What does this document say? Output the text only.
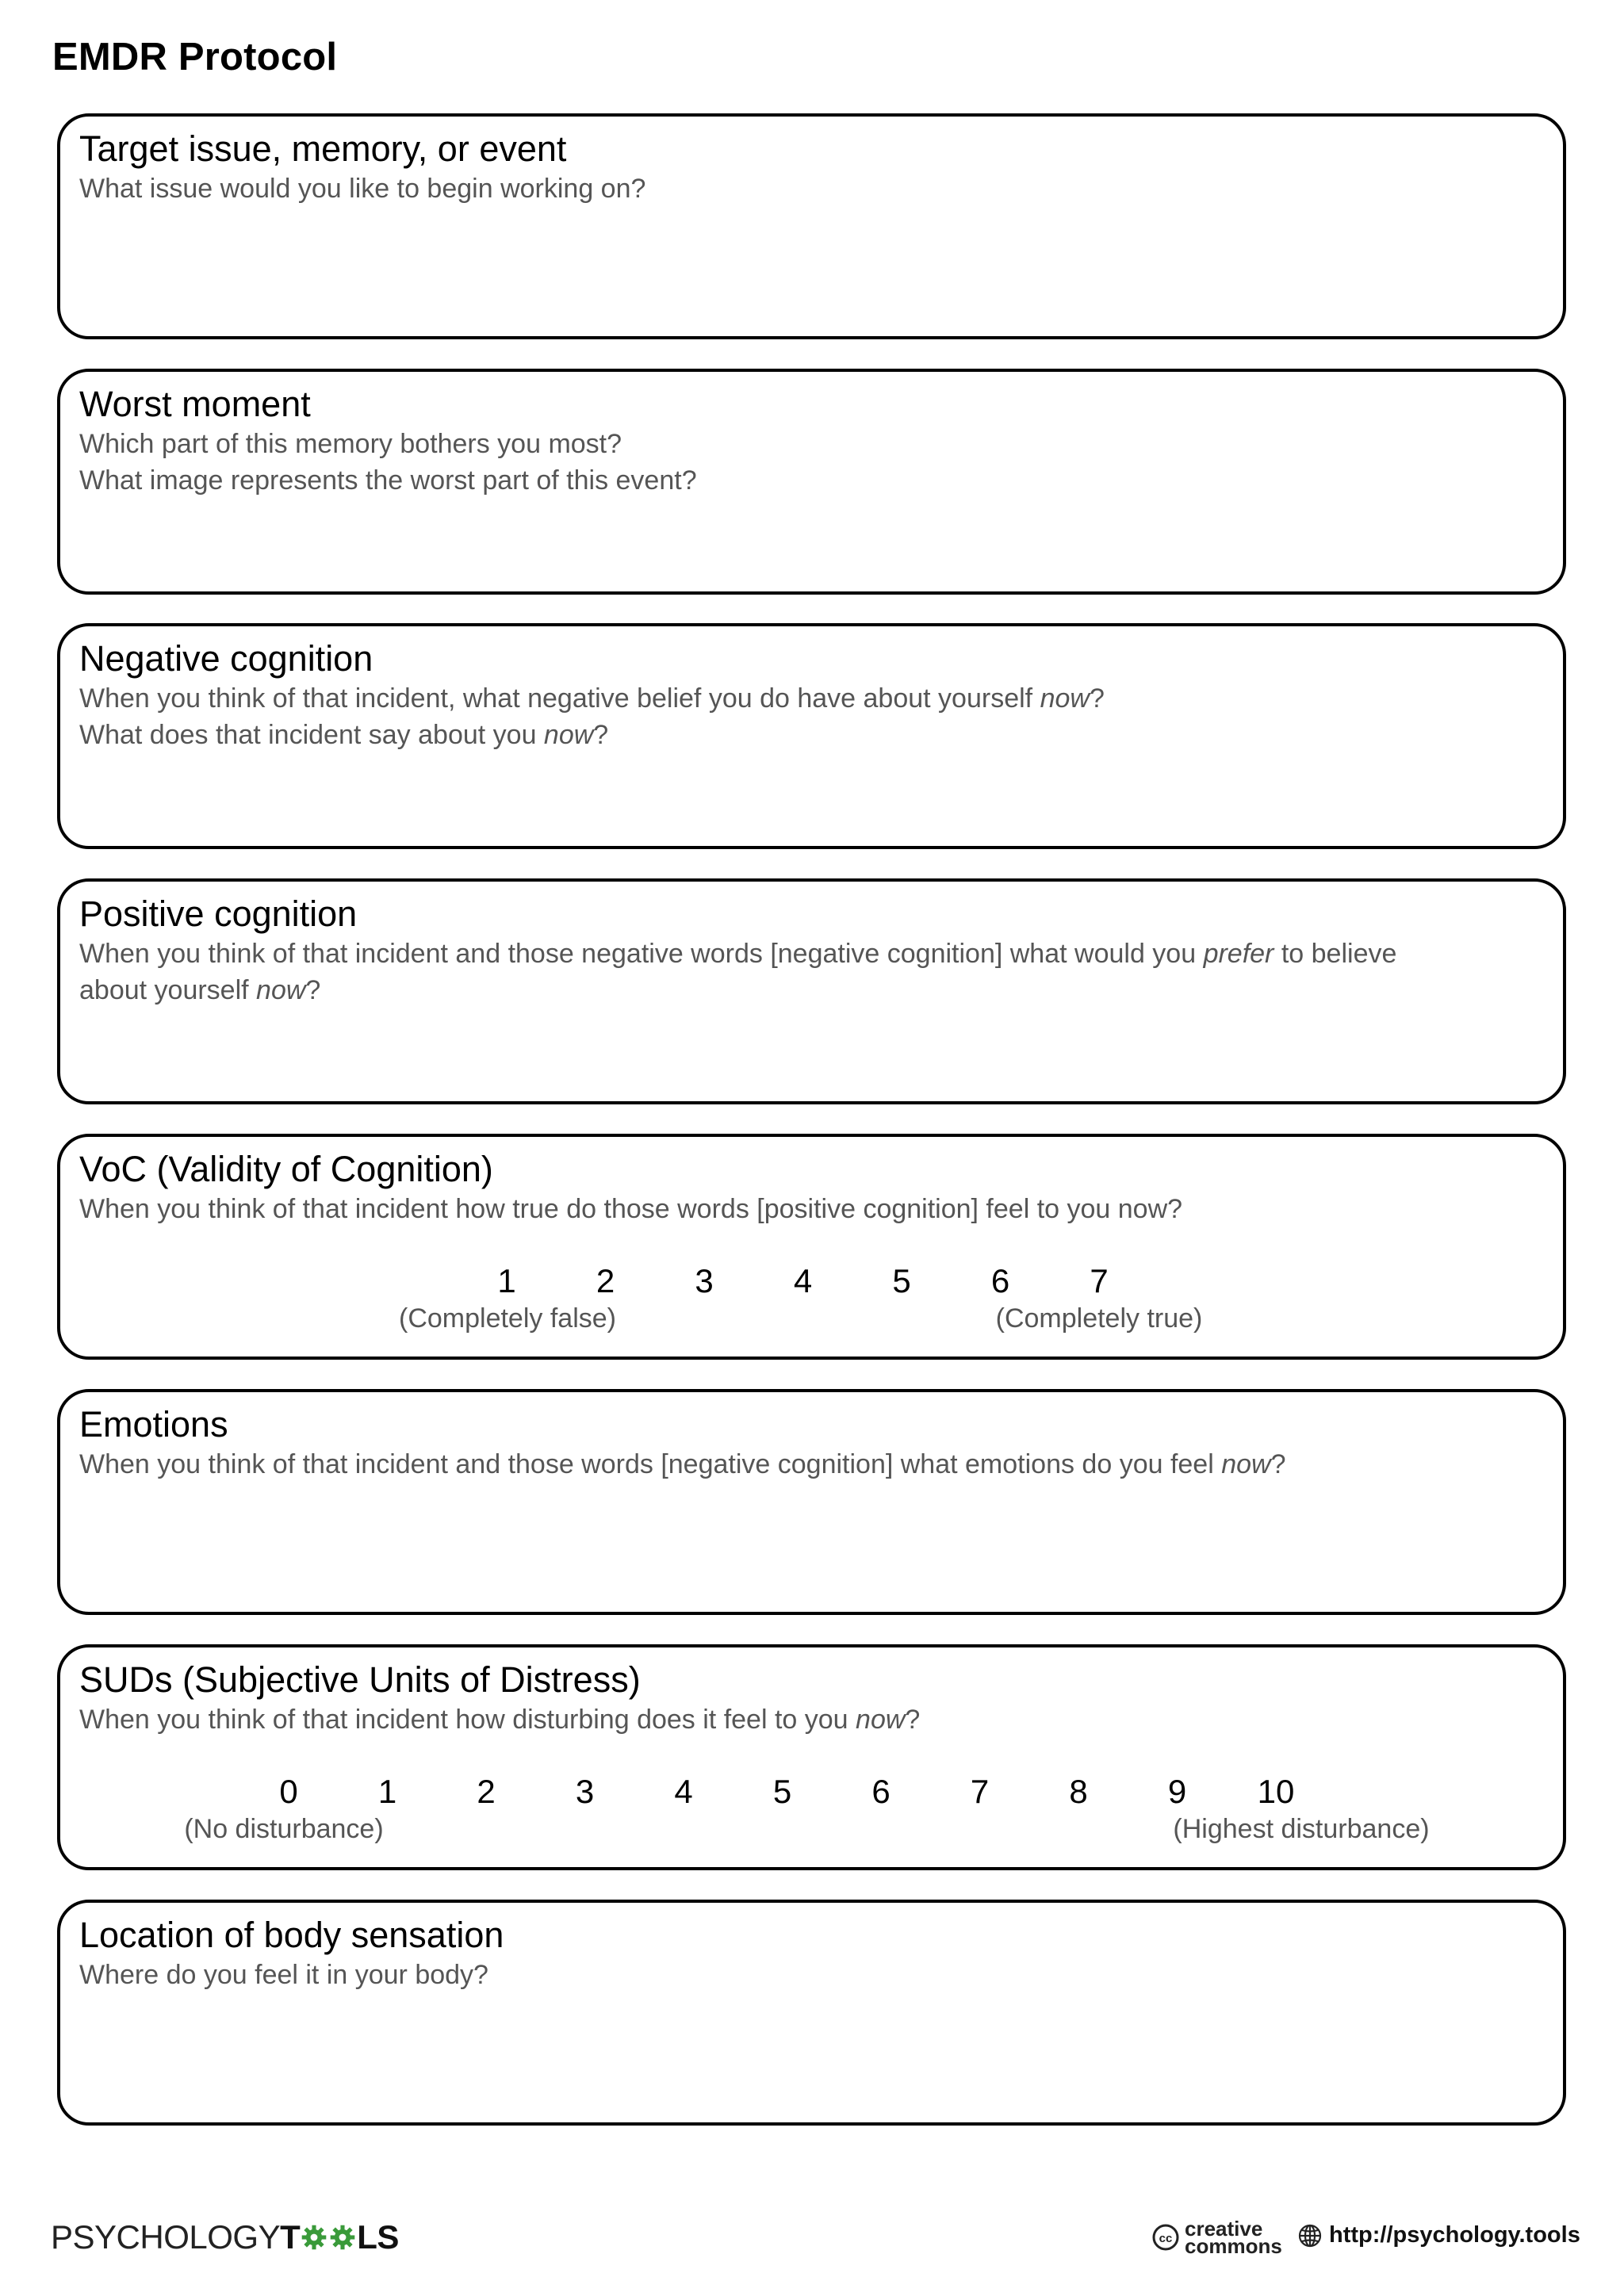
EMDR Protocol
Target issue, memory, or event

What issue would you like to begin working on?

Worst moment

Which part of this memory bothers you most?

What image represents the worst part of this event?

Negative cognition

When you think of that incident, what negative belief you do have about yourself now?

What does that incident say about you now?

Positive cognition

When you think of that incident and those negative words [negative cognition] what would you prefer to believe

about yourself now?

VoC (Validity of Cognition)

When you think of that incident how true do those words [positive cognition] feel to you now?

1 2 3 4 5 6 7
(Completely false)	(Completely true)
Emotions

When you think of that incident and those words [negative cognition] what emotions do you feel now?

SUDs (Subjective Units of Distress)

When you think of that incident how disturbing does it feel to you now?

0 1 2 3 4 5 6 7 8 9 10
(No disturbance)	(Highest disturbance)
Location of body sensation

Where do you feel it in your body?

PSYCHOLOGY T LS	cc creative
commons http://psychology.tools
